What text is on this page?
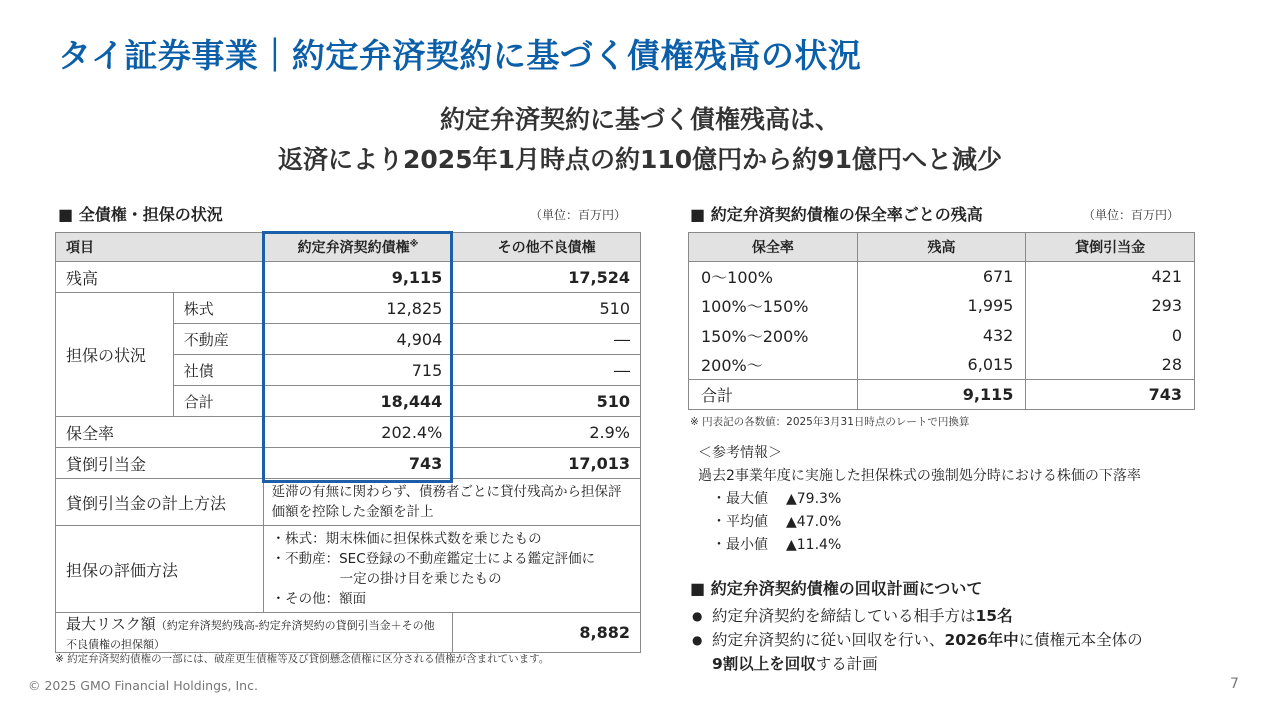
タイ証券事業｜約定弁済契約に基づく債権残高の状況
約定弁済契約に基づく債権残高は、
返済により2025年1月時点の約110億円から約91億円へと減少
■ 全債権・担保の状況	（単位：百万円）
項目		約定弁済契約債権※	その他不良債権
残高		9,115	17,524
担保の状況	株式	12,825	510
	不動産	4,904	―
	社債	715	―
	合計	18,444	510
保全率		202.4%	2.9%
貸倒引当金		743	17,013
貸倒引当金の計上方法		延滞の有無に関わらず、債務者ごとに貸付残高から担保評価額を控除した金額を計上	
担保の評価方法		・株式：期末株価に担保株式数を乗じたもの
・不動産：SEC登録の不動産鑑定士による鑑定評価に
一定の掛け目を乗じたもの
・その他：額面	

最大リスク額（約定弁済契約残高-約定弁済契約の貸倒引当金＋その他不良債権の担保額）			8,882
※ 約定弁済契約債権の一部には、破産更生債権等及び貸倒懸念債権に区分される債権が含まれています。
■ 約定弁済契約債権の保全率ごとの残高	（単位：百万円）
保全率	残高	貸倒引当金
0～100%	671	421
100%～150%	1,995	293
150%～200%	432	0
200%～	6,015	28
合計	9,115	743
※ 円表記の各数値：2025年3月31日時点のレートで円換算
＜参考情報＞
過去2事業年度に実施した担保株式の強制処分時における株価の下落率
・最大値 ▲79.3%
・平均値 ▲47.0%
・最小値 ▲11.4%
■ 約定弁済契約債権の回収計画について
● 約定弁済契約を締結している相手方は15名
● 約定弁済契約に従い回収を行い、2026年中に債権元本全体の
9割以上を回収する計画
© 2025 GMO Financial Holdings, Inc.	7
